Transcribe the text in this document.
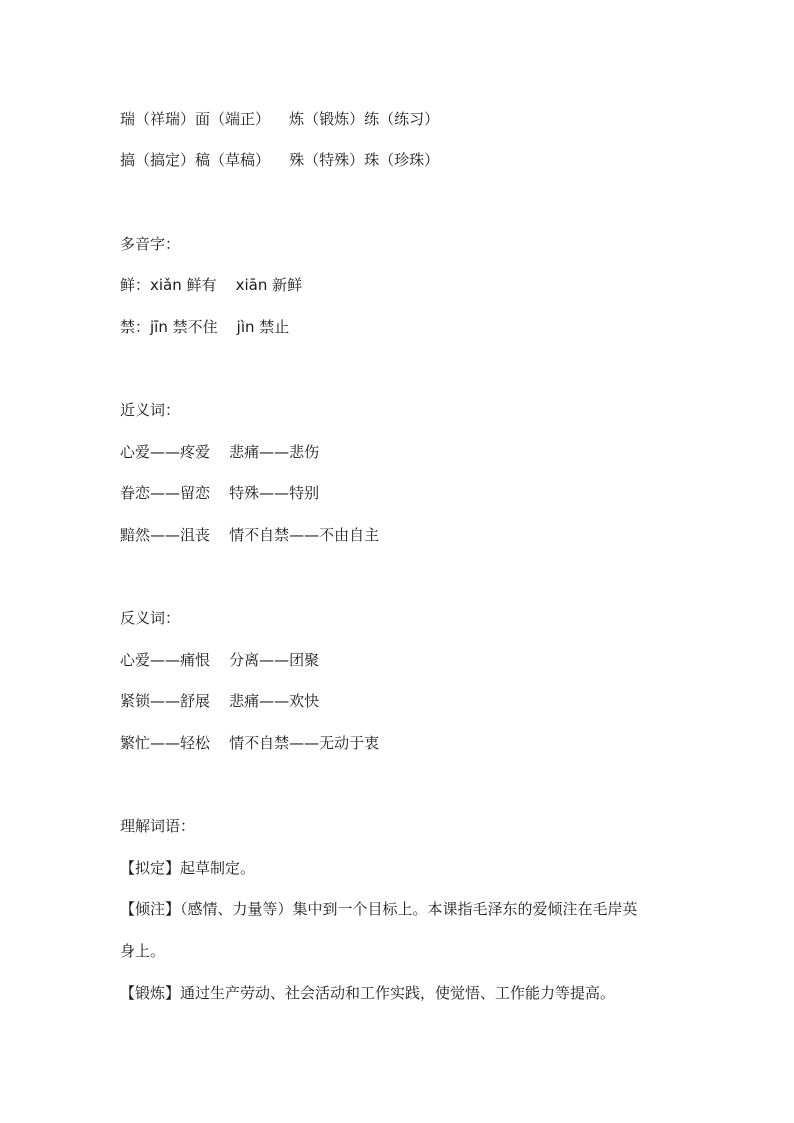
瑞（祥瑞）面（端正）    炼（锻炼）练（练习）
搞（搞定）稿（草稿）    殊（特殊）珠（珍珠）
多音字：
鲜：xiǎn 鲜有    xiān 新鲜
禁：jīn 禁不住    jìn 禁止
近义词：
心爱——疼爱    悲痛——悲伤
眷恋——留恋    特殊——特别
黯然——沮丧    情不自禁——不由自主
反义词：
心爱——痛恨    分离——团聚
紧锁——舒展    悲痛——欢快
繁忙——轻松    情不自禁——无动于衷
理解词语：
【拟定】起草制定。
【倾注】（感情、力量等）集中到一个目标上。本课指毛泽东的爱倾注在毛岸英
身上。
【锻炼】通过生产劳动、社会活动和工作实践，使觉悟、工作能力等提高。
